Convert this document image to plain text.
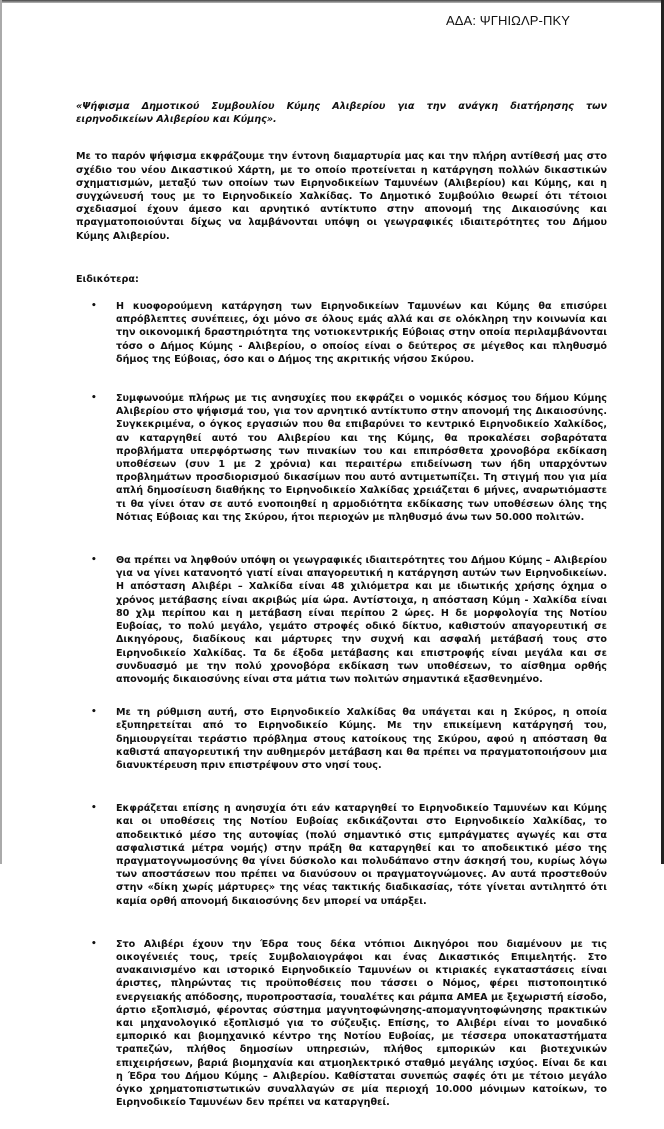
ΑΔΑ: ΨΓΗΙΩΛΡ-ΠΚΥ

«Ψήφισμα Δημοτικού Συμβουλίου Κύμης Αλιβερίου για την ανάγκη διατήρησης των ειρηνοδικείων Αλιβερίου και Κύμης».

Με το παρόν ψήφισμα εκφράζουμε την έντονη διαμαρτυρία μας και την πλήρη αντίθεσή μας στο σχέδιο του νέου Δικαστικού Χάρτη, με το οποίο προτείνεται η κατάργηση πολλών δικαστικών σχηματισμών, μεταξύ των οποίων των Ειρηνοδικείων Ταμυνέων (Αλιβερίου) και Κύμης, και η συγχώνευσή τους με το Ειρηνοδικείο Χαλκίδας. Το Δημοτικό Συμβούλιο θεωρεί ότι τέτοιοι σχεδιασμοί έχουν άμεσο και αρνητικό αντίκτυπο στην απονομή της Δικαιοσύνης και πραγματοποιούνται δίχως να λαμβάνονται υπόψη οι γεωγραφικές ιδιαιτερότητες του Δήμου Κύμης Αλιβερίου.

Ειδικότερα:

• Η κυοφορούμενη κατάργηση των Ειρηνοδικείων Ταμυνέων και Κύμης θα επισύρει απρόβλεπτες συνέπειες, όχι μόνο σε όλους εμάς αλλά και σε ολόκληρη την κοινωνία και την οικονομική δραστηριότητα της νοτιοκεντρικής Εύβοιας στην οποία περιλαμβάνονται τόσο ο Δήμος Κύμης - Αλιβερίου, ο οποίος είναι ο δεύτερος σε μέγεθος και πληθυσμό δήμος της Εύβοιας, όσο και ο Δήμος της ακριτικής νήσου Σκύρου.
• Συμφωνούμε πλήρως με τις ανησυχίες που εκφράζει ο νομικός κόσμος του δήμου Κύμης Αλιβερίου στο ψήφισμά του, για τον αρνητικό αντίκτυπο στην απονομή της Δικαιοσύνης. Συγκεκριμένα, ο όγκος εργασιών που θα επιβαρύνει το κεντρικό Ειρηνοδικείο Χαλκίδος, αν καταργηθεί αυτό του Αλιβερίου και της Κύμης, θα προκαλέσει σοβαρότατα προβλήματα υπερφόρτωσης των πινακίων του και επιπρόσθετα χρονοβόρα εκδίκαση υποθέσεων (συν 1 με 2 χρόνια) και περαιτέρω επιδείνωση των ήδη υπαρχόντων προβλημάτων προσδιορισμού δικασίμων που αυτό αντιμετωπίζει. Τη στιγμή που για μία απλή δημοσίευση διαθήκης το Ειρηνοδικείο Χαλκίδας χρειάζεται 6 μήνες, αναρωτιόμαστε τι θα γίνει όταν σε αυτό ενοποιηθεί η αρμοδιότητα εκδίκασης των υποθέσεων όλης της Νότιας Εύβοιας και της Σκύρου, ήτοι περιοχών με πληθυσμό άνω των 50.000 πολιτών.
• Θα πρέπει να ληφθούν υπόψη οι γεωγραφικές ιδιαιτερότητες του Δήμου Κύμης – Αλιβερίου για να γίνει κατανοητό γιατί είναι απαγορευτική η κατάργηση αυτών των Ειρηνοδικείων. Η απόσταση Αλιβέρι – Χαλκίδα είναι 48 χιλιόμετρα και με ιδιωτικής χρήσης όχημα ο χρόνος μετάβασης είναι ακριβώς μία ώρα. Αντίστοιχα, η απόσταση Κύμη - Χαλκίδα είναι 80 χλμ περίπου και η μετάβαση είναι περίπου 2 ώρες. Η δε μορφολογία της Νοτίου Ευβοίας, το πολύ μεγάλο, γεμάτο στροφές οδικό δίκτυο, καθιστούν απαγορευτική σε Δικηγόρους, διαδίκους και μάρτυρες την συχνή και ασφαλή μετάβασή τους στο Ειρηνοδικείο Χαλκίδας. Τα δε έξοδα μετάβασης και επιστροφής είναι μεγάλα και σε συνδυασμό με την πολύ χρονοβόρα εκδίκαση των υποθέσεων, το αίσθημα ορθής απονομής δικαιοσύνης είναι στα μάτια των πολιτών σημαντικά εξασθενημένο.
• Με τη ρύθμιση αυτή, στο Ειρηνοδικείο Χαλκίδας θα υπάγεται και η Σκύρος, η οποία εξυπηρετείται από το Ειρηνοδικείο Κύμης. Με την επικείμενη κατάργησή του, δημιουργείται τεράστιο πρόβλημα στους κατοίκους της Σκύρου, αφού η απόσταση θα καθιστά απαγορευτική την αυθημερόν μετάβαση και θα πρέπει να πραγματοποιήσουν μια διανυκτέρευση πριν επιστρέψουν στο νησί τους.
• Εκφράζεται επίσης η ανησυχία ότι εάν καταργηθεί το Ειρηνοδικείο Ταμυνέων και Κύμης και οι υποθέσεις της Νοτίου Ευβοίας εκδικάζονται στο Ειρηνοδικείο Χαλκίδας, το αποδεικτικό μέσο της αυτοψίας (πολύ σημαντικό στις εμπράγματες αγωγές και στα ασφαλιστικά μέτρα νομής) στην πράξη θα καταργηθεί και το αποδεικτικό μέσο της πραγματογνωμοσύνης θα γίνει δύσκολο και πολυδάπανο στην άσκησή του, κυρίως λόγω των αποστάσεων που πρέπει να διανύσουν οι πραγματογνώμονες. Αν αυτά προστεθούν στην «δίκη χωρίς μάρτυρες» της νέας τακτικής διαδικασίας, τότε γίνεται αντιληπτό ότι καμία ορθή απονομή δικαιοσύνης δεν μπορεί να υπάρξει.
• Στο Αλιβέρι έχουν την Έδρα τους δέκα ντόπιοι Δικηγόροι που διαμένουν με τις οικογένειές τους, τρείς Συμβολαιογράφοι και ένας Δικαστικός Επιμελητής. Στο ανακαινισμένο και ιστορικό Ειρηνοδικείο Ταμυνέων οι κτιριακές εγκαταστάσεις είναι άριστες, πληρώντας τις προϋποθέσεις που τάσσει ο Νόμος, φέρει πιστοποιητικό ενεργειακής απόδοσης, πυροπροστασία, τουαλέτες και ράμπα ΑΜΕΑ με ξεχωριστή είσοδο, άρτιο εξοπλισμό, φέροντας σύστημα μαγνητοφώνησης-απομαγνητοφώνησης πρακτικών και μηχανολογικό εξοπλισμό για το σύζευξις. Επίσης, το Αλιβέρι είναι το μοναδικό εμπορικό και βιομηχανικό κέντρο της Νοτίου Ευβοίας, με τέσσερα υποκαταστήματα τραπεζών, πλήθος δημοσίων υπηρεσιών, πλήθος εμπορικών και βιοτεχνικών επιχειρήσεων, βαριά βιομηχανία και ατμοηλεκτρικό σταθμό μεγάλης ισχύος. Είναι δε και η Έδρα του Δήμου Κύμης – Αλιβερίου. Καθίσταται συνεπώς σαφές ότι με τέτοιο μεγάλο όγκο χρηματοπιστωτικών συναλλαγών σε μία περιοχή 10.000 μόνιμων κατοίκων, το Ειρηνοδικείο Ταμυνέων δεν πρέπει να καταργηθεί.
